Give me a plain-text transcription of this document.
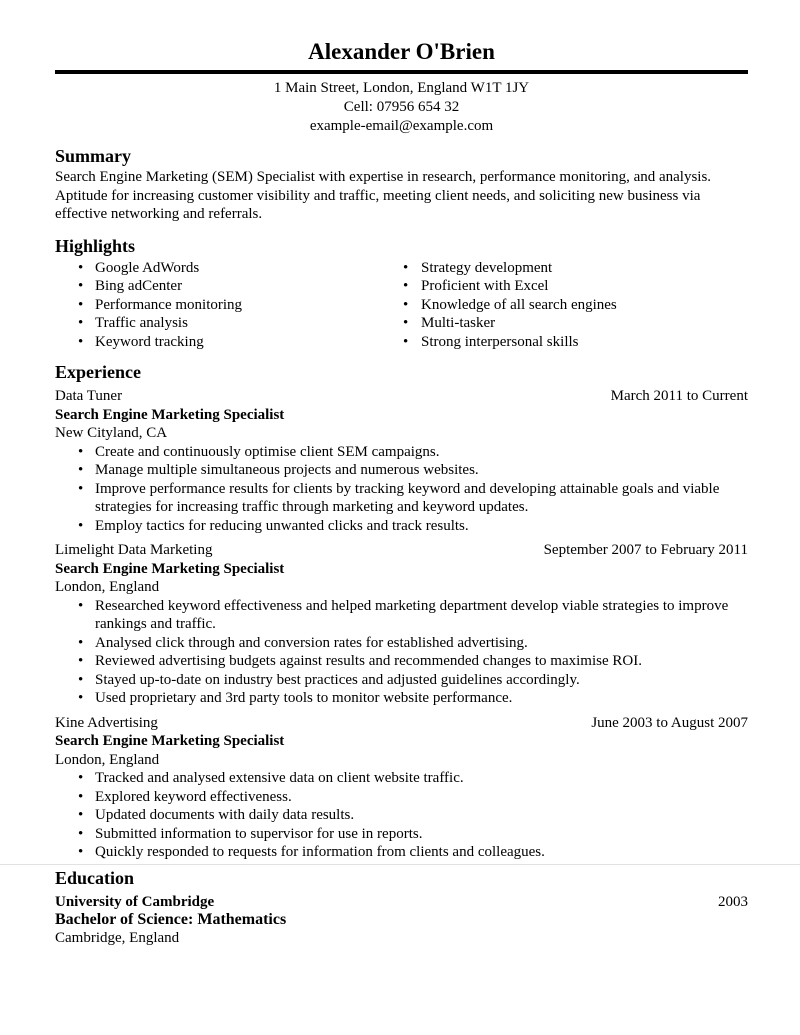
Alexander O'Brien
1 Main Street, London, England W1T 1JY
Cell: 07956 654 32
example-email@example.com
Summary
Search Engine Marketing (SEM) Specialist with expertise in research, performance monitoring, and analysis. Aptitude for increasing customer visibility and traffic, meeting client needs, and soliciting new business via effective networking and referrals.
Highlights
• Google AdWords
• Bing adCenter
• Performance monitoring
• Traffic analysis
• Keyword tracking
• Strategy development
• Proficient with Excel
• Knowledge of all search engines
• Multi-tasker
• Strong interpersonal skills
Experience
Data Tuner	March 2011 to Current
Search Engine Marketing Specialist
New Cityland, CA
• Create and continuously optimise client SEM campaigns.
• Manage multiple simultaneous projects and numerous websites.
• Improve performance results for clients by tracking keyword and developing attainable goals and viable strategies for increasing traffic through marketing and keyword updates.
• Employ tactics for reducing unwanted clicks and track results.
Limelight Data Marketing	September 2007 to February 2011
Search Engine Marketing Specialist
London, England
• Researched keyword effectiveness and helped marketing department develop viable strategies to improve rankings and traffic.
• Analysed click through and conversion rates for established advertising.
• Reviewed advertising budgets against results and recommended changes to maximise ROI.
• Stayed up-to-date on industry best practices and adjusted guidelines accordingly.
• Used proprietary and 3rd party tools to monitor website performance.
Kine Advertising	June 2003 to August 2007
Search Engine Marketing Specialist
London, England
• Tracked and analysed extensive data on client website traffic.
• Explored keyword effectiveness.
• Updated documents with daily data results.
• Submitted information to supervisor for use in reports.
• Quickly responded to requests for information from clients and colleagues.
Education
University of Cambridge	2003
Bachelor of Science: Mathematics
Cambridge, England
